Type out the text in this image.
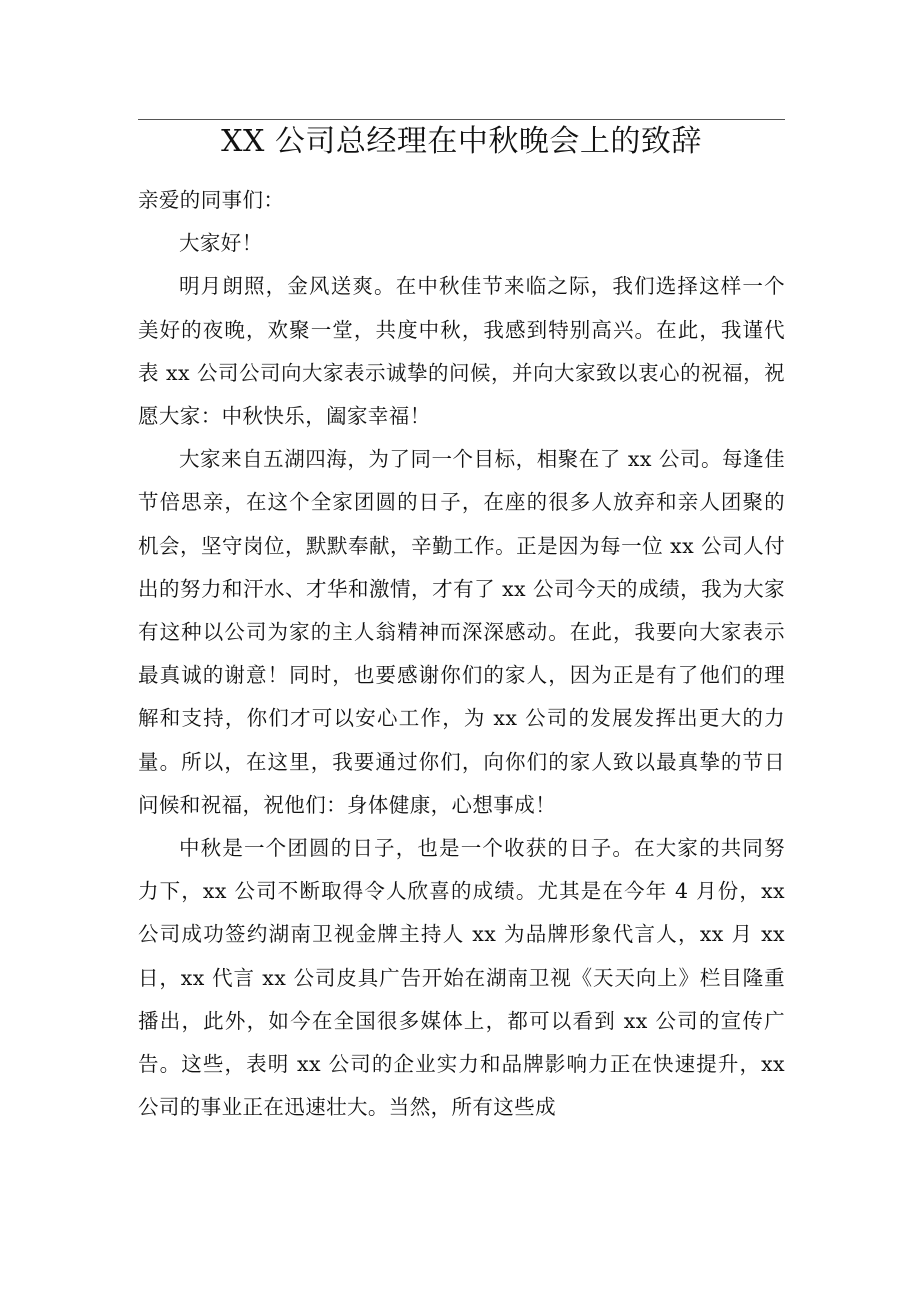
XX 公司总经理在中秋晚会上的致辞

亲爱的同事们：

大家好！

明月朗照，金风送爽。在中秋佳节来临之际，我们选择这样一个美好的夜晚，欢聚一堂，共度中秋，我感到特别高兴。在此，我谨代表 xx 公司公司向大家表示诚挚的问候，并向大家致以衷心的祝福，祝愿大家：中秋快乐，阖家幸福！

大家来自五湖四海，为了同一个目标，相聚在了 xx 公司。每逢佳节倍思亲，在这个全家团圆的日子，在座的很多人放弃和亲人团聚的机会，坚守岗位，默默奉献，辛勤工作。正是因为每一位 xx 公司人付出的努力和汗水、才华和激情，才有了 xx 公司今天的成绩，我为大家有这种以公司为家的主人翁精神而深深感动。在此，我要向大家表示最真诚的谢意！同时，也要感谢你们的家人，因为正是有了他们的理解和支持，你们才可以安心工作，为 xx 公司的发展发挥出更大的力量。所以，在这里，我要通过你们，向你们的家人致以最真挚的节日问候和祝福，祝他们：身体健康，心想事成！

中秋是一个团圆的日子，也是一个收获的日子。在大家的共同努力下，xx 公司不断取得令人欣喜的成绩。尤其是在今年 4 月份，xx 公司成功签约湖南卫视金牌主持人 xx 为品牌形象代言人，xx 月 xx 日，xx 代言 xx 公司皮具广告开始在湖南卫视《天天向上》栏目隆重播出，此外，如今在全国很多媒体上，都可以看到 xx 公司的宣传广告。这些，表明 xx 公司的企业实力和品牌影响力正在快速提升，xx 公司的事业正在迅速壮大。当然，所有这些成
